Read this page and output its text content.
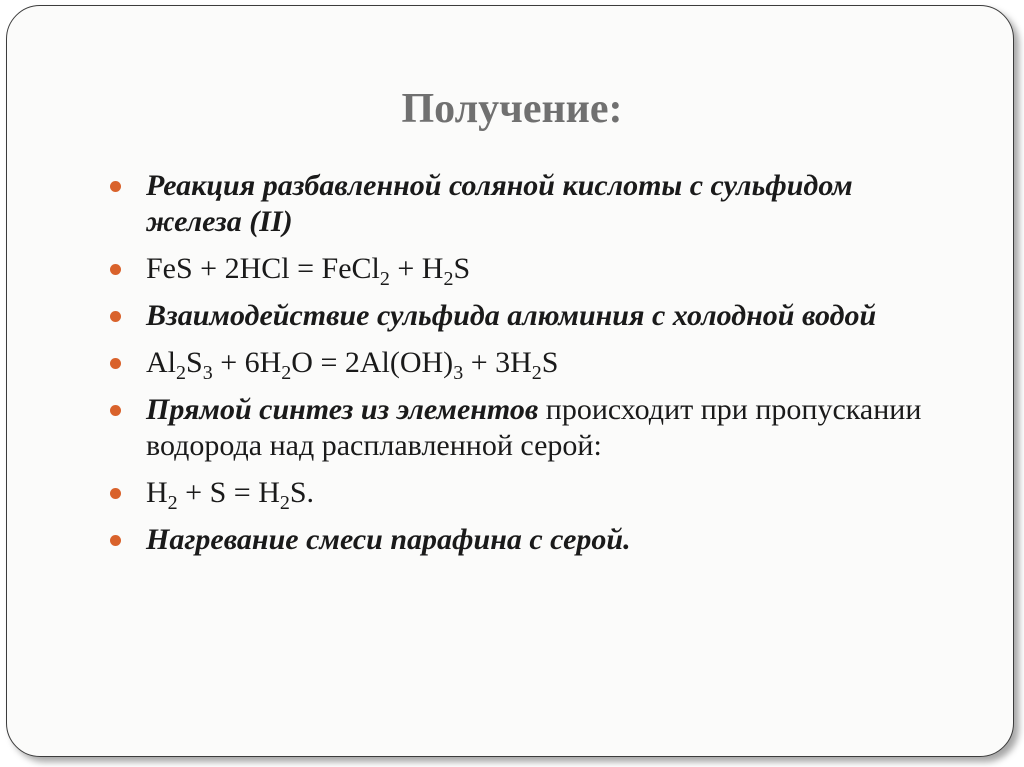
Получение:
Реакция разбавленной соляной кислоты с сульфидом железа (II)
FeS + 2HCl = FeCl$_2$ + $H_2S$
Взаимодействие сульфида алюминия с холодной водой
$Al_2S_3 + 6H_2O = 2Al(OH)_3 + 3H_2S$
Прямой синтез из элементов происходит при пропускании водорода над расплавленной серой:
$H_2 + S = H_2S$.
Нагревание смеси парафина с серой.
